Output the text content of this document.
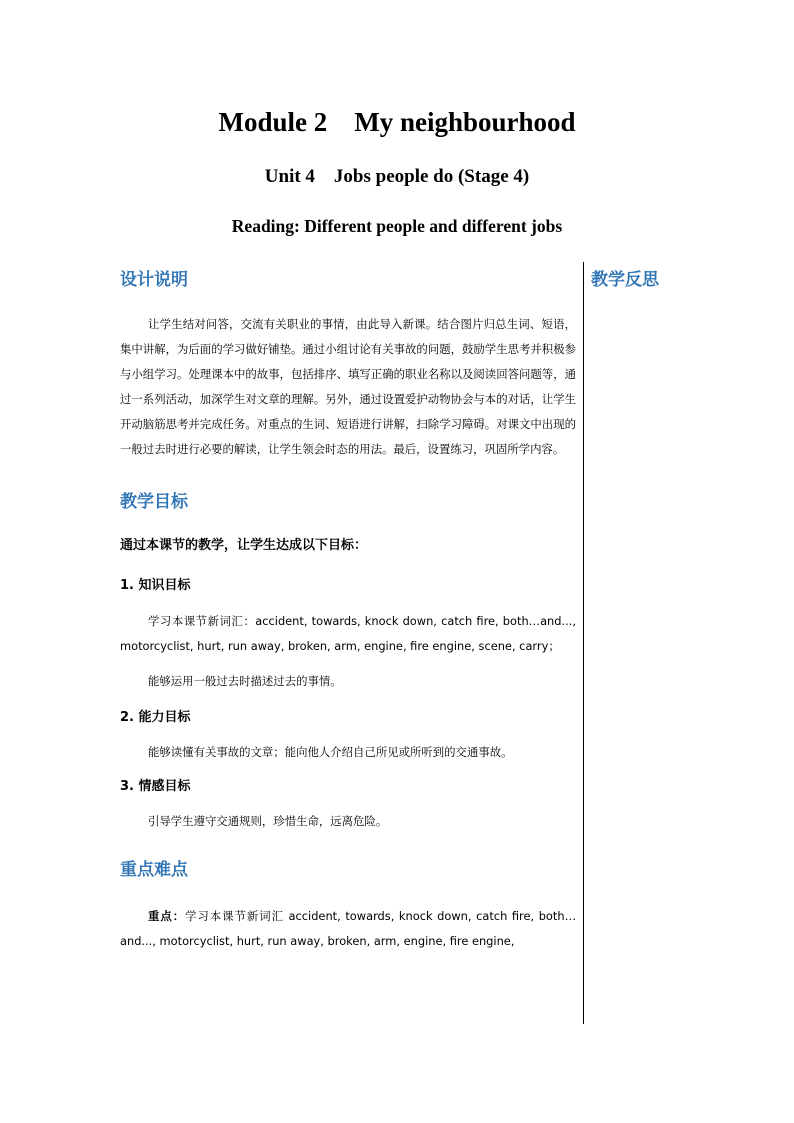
Module 2　My neighbourhood
Unit 4　Jobs people do (Stage 4)
Reading: Different people and different jobs

教学反思

设计说明

让学生结对问答，交流有关职业的事情，由此导入新课。结合图片归总生词、短语，集中讲解，为后面的学习做好铺垫。通过小组讨论有关事故的问题，鼓励学生思考并积极参与小组学习。处理课本中的故事，包括排序、填写正确的职业名称以及阅读回答问题等，通过一系列活动，加深学生对文章的理解。另外，通过设置爱护动物协会与本的对话，让学生开动脑筋思考并完成任务。对重点的生词、短语进行讲解，扫除学习障碍。对课文中出现的一般过去时进行必要的解读，让学生领会时态的用法。最后，设置练习，巩固所学内容。

教学目标

通过本课节的教学，让学生达成以下目标：

1. 知识目标

学习本课节新词汇：accident, towards, knock down, catch fire, both…and..., motorcyclist, hurt, run away, broken, arm, engine, fire engine, scene, carry；

能够运用一般过去时描述过去的事情。

2. 能力目标

能够读懂有关事故的文章；能向他人介绍自己所见或所听到的交通事故。

3. 情感目标

引导学生遵守交通规则，珍惜生命，远离危险。

重点难点

重点：学习本课节新词汇 accident, towards, knock down, catch fire, both…and..., motorcyclist, hurt, run away, broken, arm, engine, fire engine,
